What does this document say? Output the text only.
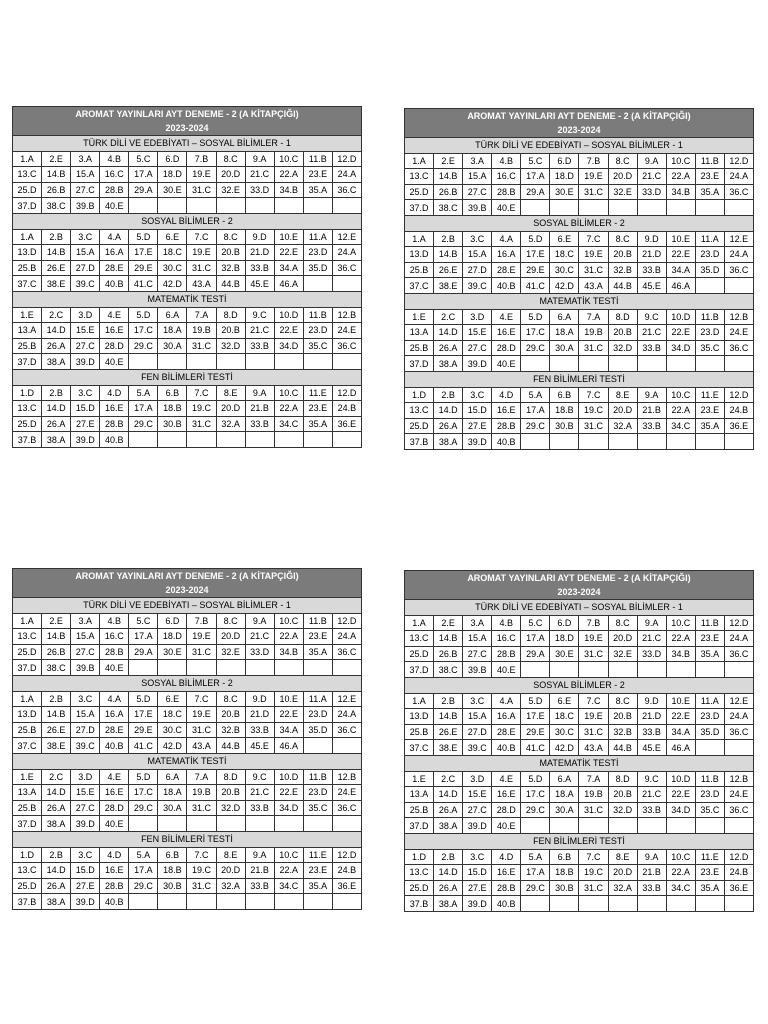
AROMAT YAYINLARI AYT DENEME - 2 (A KİTAPÇIĞI)
2023-2024											

TÜRK DİLİ VE EDEBİYATI – SOSYAL BİLİMLER - 1											
1.A	2.E	3.A	4.B	5.C	6.D	7.B	8.C	9.A	10.C	11.B	12.D
13.C	14.B	15.A	16.C	17.A	18.D	19.E	20.D	21.C	22.A	23.E	24.A
25.D	26.B	27.C	28.B	29.A	30.E	31.C	32.E	33.D	34.B	35.A	36.C
37.D	38.C	39.B	40.E								
SOSYAL BİLİMLER - 2											
1.A	2.B	3.C	4.A	5.D	6.E	7.C	8.C	9.D	10.E	11.A	12.E
13.D	14.B	15.A	16.A	17.E	18.C	19.E	20.B	21.D	22.E	23.D	24.A
25.B	26.E	27.D	28.E	29.E	30.C	31.C	32.B	33.B	34.A	35.D	36.C
37.C	38.E	39.C	40.B	41.C	42.D	43.A	44.B	45.E	46.A		
MATEMATİK TESTİ											
1.E	2.C	3.D	4.E	5.D	6.A	7.A	8.D	9.C	10.D	11.B	12.B
13.A	14.D	15.E	16.E	17.C	18.A	19.B	20.B	21.C	22.E	23.D	24.E
25.B	26.A	27.C	28.D	29.C	30.A	31.C	32.D	33.B	34.D	35.C	36.C
37.D	38.A	39.D	40.E								
FEN BİLİMLERİ TESTİ											
1.D	2.B	3.C	4.D	5.A	6.B	7.C	8.E	9.A	10.C	11.E	12.D
13.C	14.D	15.D	16.E	17.A	18.B	19.C	20.D	21.B	22.A	23.E	24.B
25.D	26.A	27.E	28.B	29.C	30.B	31.C	32.A	33.B	34.C	35.A	36.E
37.B	38.A	39.D	40.B								
AROMAT YAYINLARI AYT DENEME - 2 (A KİTAPÇIĞI)
2023-2024											

TÜRK DİLİ VE EDEBİYATI – SOSYAL BİLİMLER - 1											
1.A	2.E	3.A	4.B	5.C	6.D	7.B	8.C	9.A	10.C	11.B	12.D
13.C	14.B	15.A	16.C	17.A	18.D	19.E	20.D	21.C	22.A	23.E	24.A
25.D	26.B	27.C	28.B	29.A	30.E	31.C	32.E	33.D	34.B	35.A	36.C
37.D	38.C	39.B	40.E								
SOSYAL BİLİMLER - 2											
1.A	2.B	3.C	4.A	5.D	6.E	7.C	8.C	9.D	10.E	11.A	12.E
13.D	14.B	15.A	16.A	17.E	18.C	19.E	20.B	21.D	22.E	23.D	24.A
25.B	26.E	27.D	28.E	29.E	30.C	31.C	32.B	33.B	34.A	35.D	36.C
37.C	38.E	39.C	40.B	41.C	42.D	43.A	44.B	45.E	46.A		
MATEMATİK TESTİ											
1.E	2.C	3.D	4.E	5.D	6.A	7.A	8.D	9.C	10.D	11.B	12.B
13.A	14.D	15.E	16.E	17.C	18.A	19.B	20.B	21.C	22.E	23.D	24.E
25.B	26.A	27.C	28.D	29.C	30.A	31.C	32.D	33.B	34.D	35.C	36.C
37.D	38.A	39.D	40.E								
FEN BİLİMLERİ TESTİ											
1.D	2.B	3.C	4.D	5.A	6.B	7.C	8.E	9.A	10.C	11.E	12.D
13.C	14.D	15.D	16.E	17.A	18.B	19.C	20.D	21.B	22.A	23.E	24.B
25.D	26.A	27.E	28.B	29.C	30.B	31.C	32.A	33.B	34.C	35.A	36.E
37.B	38.A	39.D	40.B								
AROMAT YAYINLARI AYT DENEME - 2 (A KİTAPÇIĞI)
2023-2024											

TÜRK DİLİ VE EDEBİYATI – SOSYAL BİLİMLER - 1											
1.A	2.E	3.A	4.B	5.C	6.D	7.B	8.C	9.A	10.C	11.B	12.D
13.C	14.B	15.A	16.C	17.A	18.D	19.E	20.D	21.C	22.A	23.E	24.A
25.D	26.B	27.C	28.B	29.A	30.E	31.C	32.E	33.D	34.B	35.A	36.C
37.D	38.C	39.B	40.E								
SOSYAL BİLİMLER - 2											
1.A	2.B	3.C	4.A	5.D	6.E	7.C	8.C	9.D	10.E	11.A	12.E
13.D	14.B	15.A	16.A	17.E	18.C	19.E	20.B	21.D	22.E	23.D	24.A
25.B	26.E	27.D	28.E	29.E	30.C	31.C	32.B	33.B	34.A	35.D	36.C
37.C	38.E	39.C	40.B	41.C	42.D	43.A	44.B	45.E	46.A		
MATEMATİK TESTİ											
1.E	2.C	3.D	4.E	5.D	6.A	7.A	8.D	9.C	10.D	11.B	12.B
13.A	14.D	15.E	16.E	17.C	18.A	19.B	20.B	21.C	22.E	23.D	24.E
25.B	26.A	27.C	28.D	29.C	30.A	31.C	32.D	33.B	34.D	35.C	36.C
37.D	38.A	39.D	40.E								
FEN BİLİMLERİ TESTİ											
1.D	2.B	3.C	4.D	5.A	6.B	7.C	8.E	9.A	10.C	11.E	12.D
13.C	14.D	15.D	16.E	17.A	18.B	19.C	20.D	21.B	22.A	23.E	24.B
25.D	26.A	27.E	28.B	29.C	30.B	31.C	32.A	33.B	34.C	35.A	36.E
37.B	38.A	39.D	40.B								
AROMAT YAYINLARI AYT DENEME - 2 (A KİTAPÇIĞI)
2023-2024											

TÜRK DİLİ VE EDEBİYATI – SOSYAL BİLİMLER - 1											
1.A	2.E	3.A	4.B	5.C	6.D	7.B	8.C	9.A	10.C	11.B	12.D
13.C	14.B	15.A	16.C	17.A	18.D	19.E	20.D	21.C	22.A	23.E	24.A
25.D	26.B	27.C	28.B	29.A	30.E	31.C	32.E	33.D	34.B	35.A	36.C
37.D	38.C	39.B	40.E								
SOSYAL BİLİMLER - 2											
1.A	2.B	3.C	4.A	5.D	6.E	7.C	8.C	9.D	10.E	11.A	12.E
13.D	14.B	15.A	16.A	17.E	18.C	19.E	20.B	21.D	22.E	23.D	24.A
25.B	26.E	27.D	28.E	29.E	30.C	31.C	32.B	33.B	34.A	35.D	36.C
37.C	38.E	39.C	40.B	41.C	42.D	43.A	44.B	45.E	46.A		
MATEMATİK TESTİ											
1.E	2.C	3.D	4.E	5.D	6.A	7.A	8.D	9.C	10.D	11.B	12.B
13.A	14.D	15.E	16.E	17.C	18.A	19.B	20.B	21.C	22.E	23.D	24.E
25.B	26.A	27.C	28.D	29.C	30.A	31.C	32.D	33.B	34.D	35.C	36.C
37.D	38.A	39.D	40.E								
FEN BİLİMLERİ TESTİ											
1.D	2.B	3.C	4.D	5.A	6.B	7.C	8.E	9.A	10.C	11.E	12.D
13.C	14.D	15.D	16.E	17.A	18.B	19.C	20.D	21.B	22.A	23.E	24.B
25.D	26.A	27.E	28.B	29.C	30.B	31.C	32.A	33.B	34.C	35.A	36.E
37.B	38.A	39.D	40.B								
